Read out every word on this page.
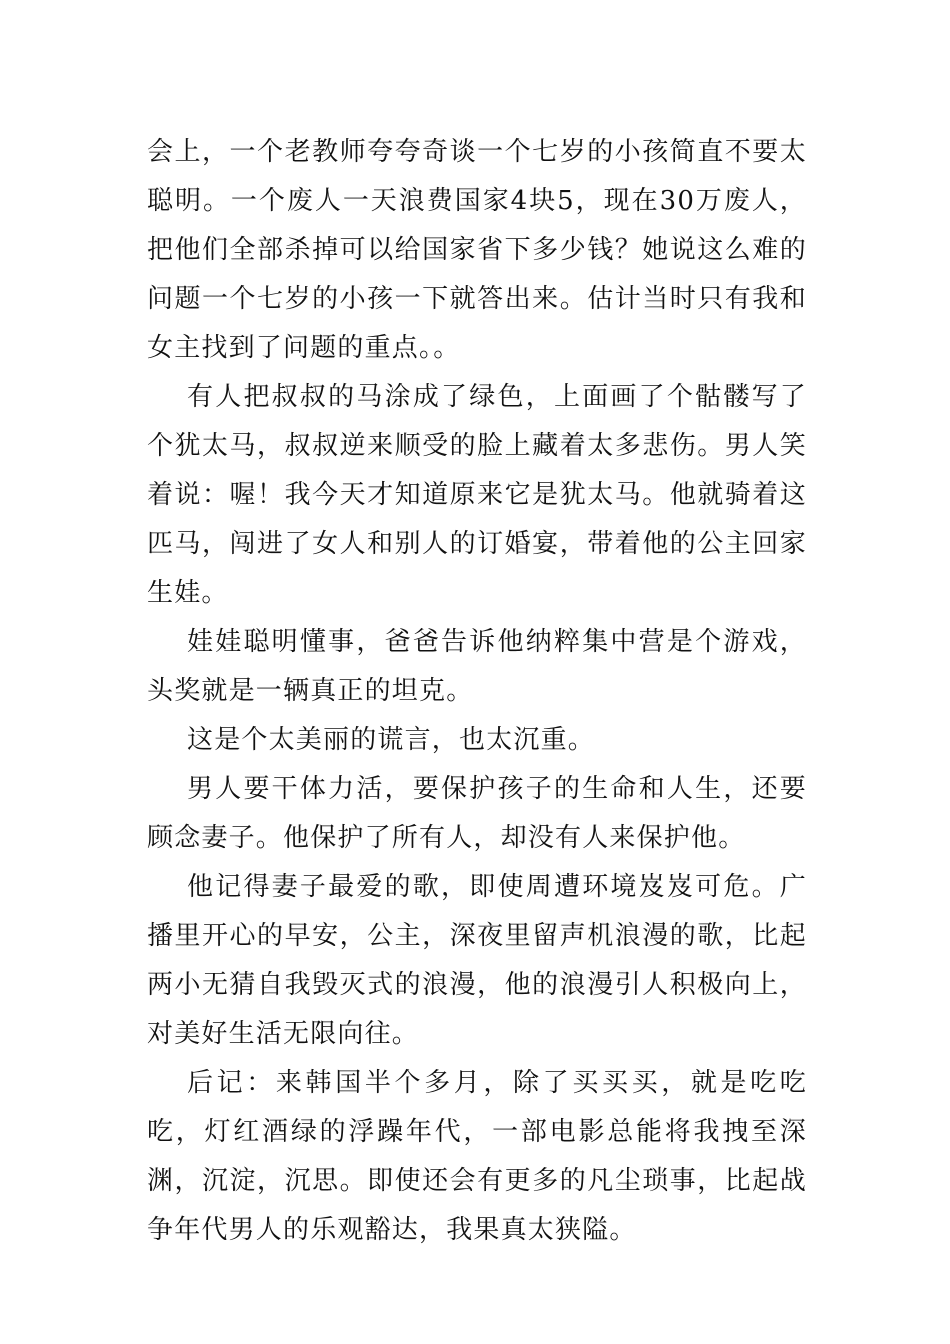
会上，一个老教师夸夸奇谈一个七岁的小孩简直不要太聪明。一个废人一天浪费国家4块5，现在30万废人，把他们全部杀掉可以给国家省下多少钱？她说这么难的问题一个七岁的小孩一下就答出来。估计当时只有我和女主找到了问题的重点。。

有人把叔叔的马涂成了绿色，上面画了个骷髅写了个犹太马，叔叔逆来顺受的脸上藏着太多悲伤。男人笑着说：喔！我今天才知道原来它是犹太马。他就骑着这匹马，闯进了女人和别人的订婚宴，带着他的公主回家生娃。

娃娃聪明懂事，爸爸告诉他纳粹集中营是个游戏，头奖就是一辆真正的坦克。

这是个太美丽的谎言，也太沉重。

男人要干体力活，要保护孩子的生命和人生，还要顾念妻子。他保护了所有人，却没有人来保护他。

他记得妻子最爱的歌，即使周遭环境岌岌可危。广播里开心的早安，公主，深夜里留声机浪漫的歌，比起两小无猜自我毁灭式的浪漫，他的浪漫引人积极向上，对美好生活无限向往。

后记：来韩国半个多月，除了买买买，就是吃吃吃，灯红酒绿的浮躁年代，一部电影总能将我拽至深渊，沉淀，沉思。即使还会有更多的凡尘琐事，比起战争年代男人的乐观豁达，我果真太狭隘。
